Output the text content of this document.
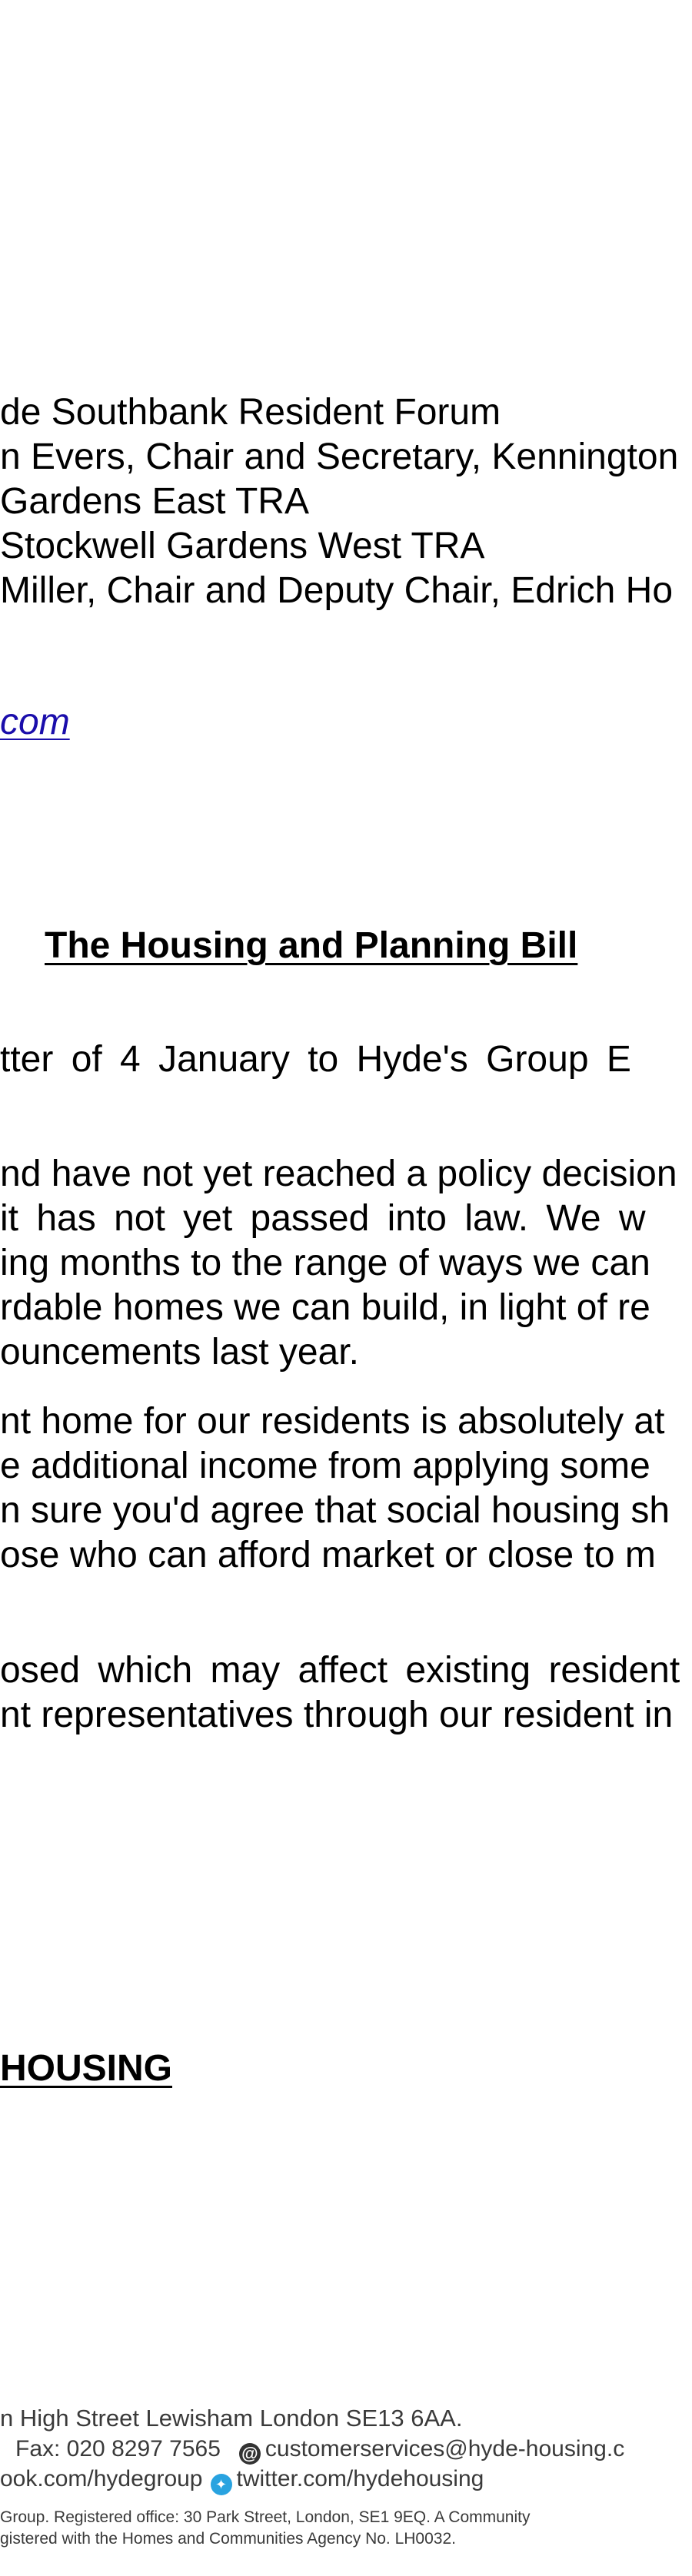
de Southbank Resident Forum
n Evers, Chair and Secretary, Kennington
Gardens East TRA
Stockwell Gardens West TRA
Miller, Chair and Deputy Chair, Edrich Ho
com
The Housing and Planning Bill
tter of 4 January to Hyde's Group E
nd have not yet reached a policy decision
it has not yet passed into law. We w
ing months to the range of ways we can
rdable homes we can build, in light of re
ouncements last year.
nt home for our residents is absolutely at
e additional income from applying some
n sure you'd agree that social housing sh
ose who can afford market or close to m
osed which may affect existing resident
nt representatives through our resident in
HOUSING
n High Street Lewisham London SE13 6AA.
Fax: 020 8297 7565 @ customerservices@hyde-housing.c
ook.com/hydegroup ✦ twitter.com/hydehousing
Group. Registered office: 30 Park Street, London, SE1 9EQ. A Community
gistered with the Homes and Communities Agency No. LH0032.
